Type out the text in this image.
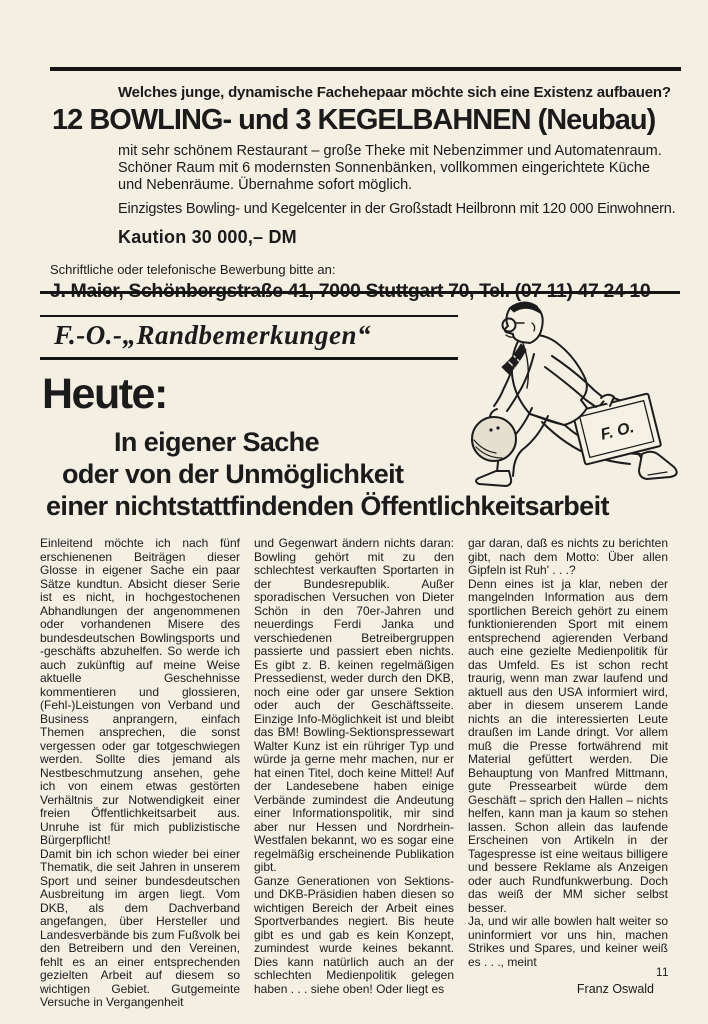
Welches junge, dynamische Fachehepaar möchte sich eine Existenz aufbauen?
12 BOWLING- und 3 KEGELBAHNEN (Neubau)
mit sehr schönem Restaurant – große Theke mit Nebenzimmer und Automatenraum. Schöner Raum mit 6 modernsten Sonnenbänken, vollkommen eingerichtete Küche und Nebenräume. Übernahme sofort möglich.
Einzigstes Bowling- und Kegelcenter in der Großstadt Heilbronn mit 120 000 Einwohnern.
Kaution 30 000,– DM
Schriftliche oder telefonische Bewerbung bitte an:
F.-O.-„Randbemerkungen“
F. O.
Heute:
In eigener Sache
oder von der Unmöglichkeit
einer nichtstattfindenden Öffentlichkeitsarbeit

Einleitend möchte ich nach fünf erschienenen Beiträgen dieser Glosse in eigener Sache ein paar Sätze kundtun. Absicht dieser Serie ist es nicht, in hochgestochenen Abhandlungen der angenommenen oder vorhandenen Misere des bundesdeutschen Bowlingsports und -geschäfts abzuhelfen. So werde ich auch zukünftig auf meine Weise aktuelle Geschehnisse kommentieren und glossieren, (Fehl-)Leistungen von Verband und Business anprangern, einfach Themen ansprechen, die sonst vergessen oder gar totgeschwiegen werden. Sollte dies jemand als Nestbeschmutzung ansehen, gehe ich von einem etwas gestörten Verhältnis zur Notwendigkeit einer freien Öffentlichkeitsarbeit aus. Unruhe ist für mich publizistische Bürgerpflicht!

Damit bin ich schon wieder bei einer Thematik, die seit Jahren in unserem Sport und seiner bundesdeutschen Ausbreitung im argen liegt. Vom DKB, als dem Dachverband angefangen, über Hersteller und Landesverbände bis zum Fußvolk bei den Betreibern und den Vereinen, fehlt es an einer entsprechenden gezielten Arbeit auf diesem so wichtigen Gebiet. Gutgemeinte Versuche in Vergangenheit

und Gegenwart ändern nichts daran: Bowling gehört mit zu den schlechtest verkauften Sportarten in der Bundesrepublik. Außer sporadischen Versuchen von Dieter Schön in den 70er-Jahren und neuerdings Ferdi Janka und verschiedenen Betreibergruppen passierte und passiert eben nichts. Es gibt z. B. keinen regelmäßigen Pressedienst, weder durch den DKB, noch eine oder gar unsere Sektion oder auch der Geschäftsseite. Einzige Info-Möglichkeit ist und bleibt das BM! Bowling-Sektionspressewart Walter Kunz ist ein rühriger Typ und würde ja gerne mehr machen, nur er hat einen Titel, doch keine Mittel! Auf der Landesebene haben einige Verbände zumindest die Andeutung einer Informationspolitik, mir sind aber nur Hessen und Nordrhein-Westfalen bekannt, wo es sogar eine regelmäßig erscheinende Publikation gibt.

Ganze Generationen von Sektions- und DKB-Präsidien haben diesen so wichtigen Bereich der Arbeit eines Sportverbandes negiert. Bis heute gibt es und gab es kein Konzept, zumindest wurde keines bekannt. Dies kann natürlich auch an der schlechten Medienpolitik gelegen haben . . . siehe oben! Oder liegt es

gar daran, daß es nichts zu berichten gibt, nach dem Motto: Über allen Gipfeln ist Ruh' . . .?

Denn eines ist ja klar, neben der mangelnden Information aus dem sportlichen Bereich gehört zu einem funktionierenden Sport mit einem entsprechend agierenden Verband auch eine gezielte Medienpolitik für das Umfeld. Es ist schon recht traurig, wenn man zwar laufend und aktuell aus den USA informiert wird, aber in diesem unserem Lande nichts an die interessierten Leute draußen im Lande dringt. Vor allem muß die Presse fortwährend mit Material gefüttert werden. Die Behauptung von Manfred Mittmann, gute Pressearbeit würde dem Geschäft – sprich den Hallen – nichts helfen, kann man ja kaum so stehen lassen. Schon allein das laufende Erscheinen von Artikeln in der Tagespresse ist eine weitaus billigere und bessere Reklame als Anzeigen oder auch Rundfunkwerbung. Doch das weiß der MM sicher selbst besser.

Ja, und wir alle bowlen halt weiter so uninformiert vor uns hin, machen Strikes und Spares, und keiner weiß es . . ., meint

Franz Oswald
11
